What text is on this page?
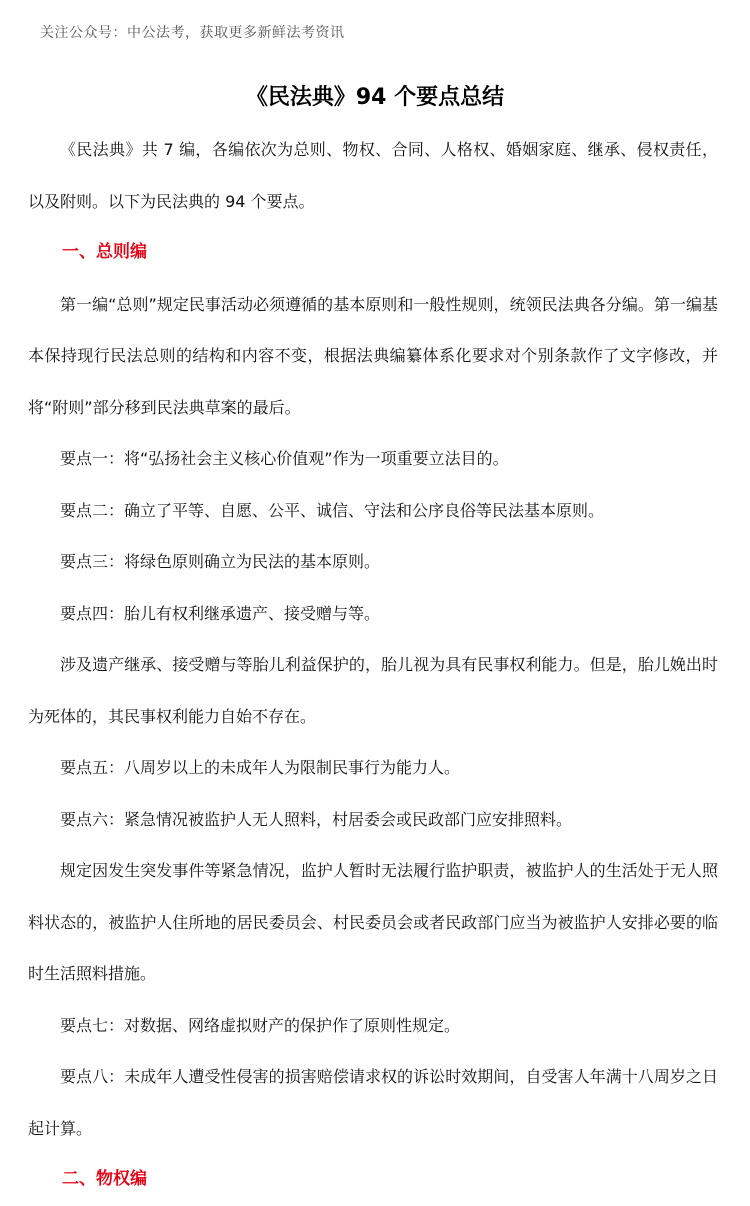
关注公众号：中公法考，获取更多新鲜法考资讯
《民法典》94 个要点总结

《民法典》共 7 编，各编依次为总则、物权、合同、人格权、婚姻家庭、继承、侵权责任，以及附则。以下为民法典的 94 个要点。

一、总则编

第一编“总则”规定民事活动必须遵循的基本原则和一般性规则，统领民法典各分编。第一编基本保持现行民法总则的结构和内容不变，根据法典编纂体系化要求对个别条款作了文字修改，并将“附则”部分移到民法典草案的最后。

要点一：将“弘扬社会主义核心价值观”作为一项重要立法目的。

要点二：确立了平等、自愿、公平、诚信、守法和公序良俗等民法基本原则。

要点三：将绿色原则确立为民法的基本原则。

要点四：胎儿有权利继承遗产、接受赠与等。

涉及遗产继承、接受赠与等胎儿利益保护的，胎儿视为具有民事权利能力。但是，胎儿娩出时为死体的，其民事权利能力自始不存在。

要点五：八周岁以上的未成年人为限制民事行为能力人。

要点六：紧急情况被监护人无人照料，村居委会或民政部门应安排照料。

规定因发生突发事件等紧急情况，监护人暂时无法履行监护职责，被监护人的生活处于无人照料状态的，被监护人住所地的居民委员会、村民委员会或者民政部门应当为被监护人安排必要的临时生活照料措施。

要点七：对数据、网络虚拟财产的保护作了原则性规定。

要点八：未成年人遭受性侵害的损害赔偿请求权的诉讼时效期间，自受害人年满十八周岁之日起计算。

二、物权编
